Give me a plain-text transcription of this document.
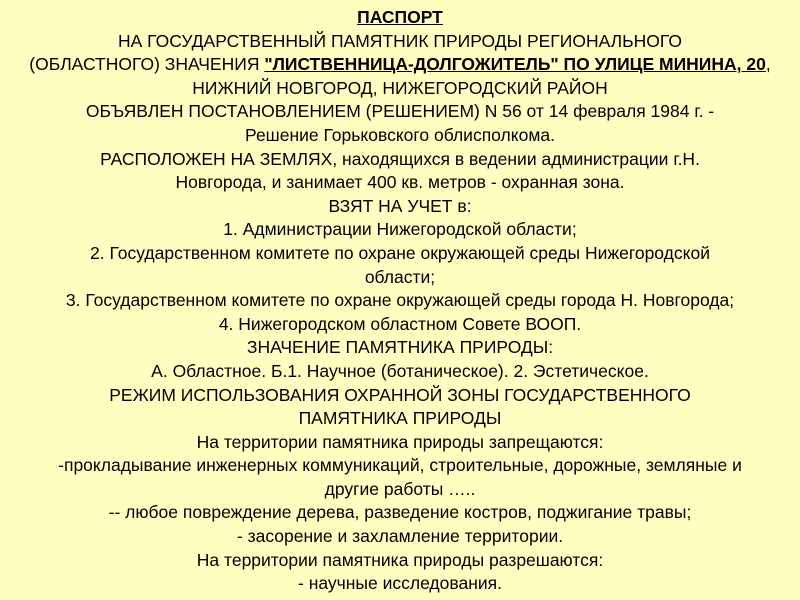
ПАСПОРТ

НА ГОСУДАРСТВЕННЫЙ ПАМЯТНИК ПРИРОДЫ РЕГИОНАЛЬНОГО

(ОБЛАСТНОГО) ЗНАЧЕНИЯ "ЛИСТВЕННИЦА-ДОЛГОЖИТЕЛЬ" ПО УЛИЦЕ МИНИНА, 20, НИЖНИЙ НОВГОРОД, НИЖЕГОРОДСКИЙ РАЙОН

ОБЪЯВЛЕН ПОСТАНОВЛЕНИЕМ (РЕШЕНИЕМ) N 56 от 14 февраля 1984 г. -

Решение Горьковского облисполкома.

РАСПОЛОЖЕН НА ЗЕМЛЯХ, находящихся в ведении администрации г.Н.

Новгорода, и занимает 400 кв. метров - охранная зона.

ВЗЯТ НА УЧЕТ в:

1. Администрации Нижегородской области;

2. Государственном комитете по охране окружающей среды Нижегородской

области;

3. Государственном комитете по охране окружающей среды города Н. Новгорода;

4. Нижегородском областном Совете ВООП.

ЗНАЧЕНИЕ ПАМЯТНИКА ПРИРОДЫ:

А. Областное. Б.1. Научное (ботаническое). 2. Эстетическое.

РЕЖИМ ИСПОЛЬЗОВАНИЯ ОХРАННОЙ ЗОНЫ ГОСУДАРСТВЕННОГО

ПАМЯТНИКА ПРИРОДЫ

На территории памятника природы запрещаются:

-прокладывание инженерных коммуникаций, строительные, дорожные, земляные и

другие работы …..

-- любое повреждение дерева, разведение костров, поджигание травы;

- засорение и захламление территории.

На территории памятника природы разрешаются:

- научные исследования.
